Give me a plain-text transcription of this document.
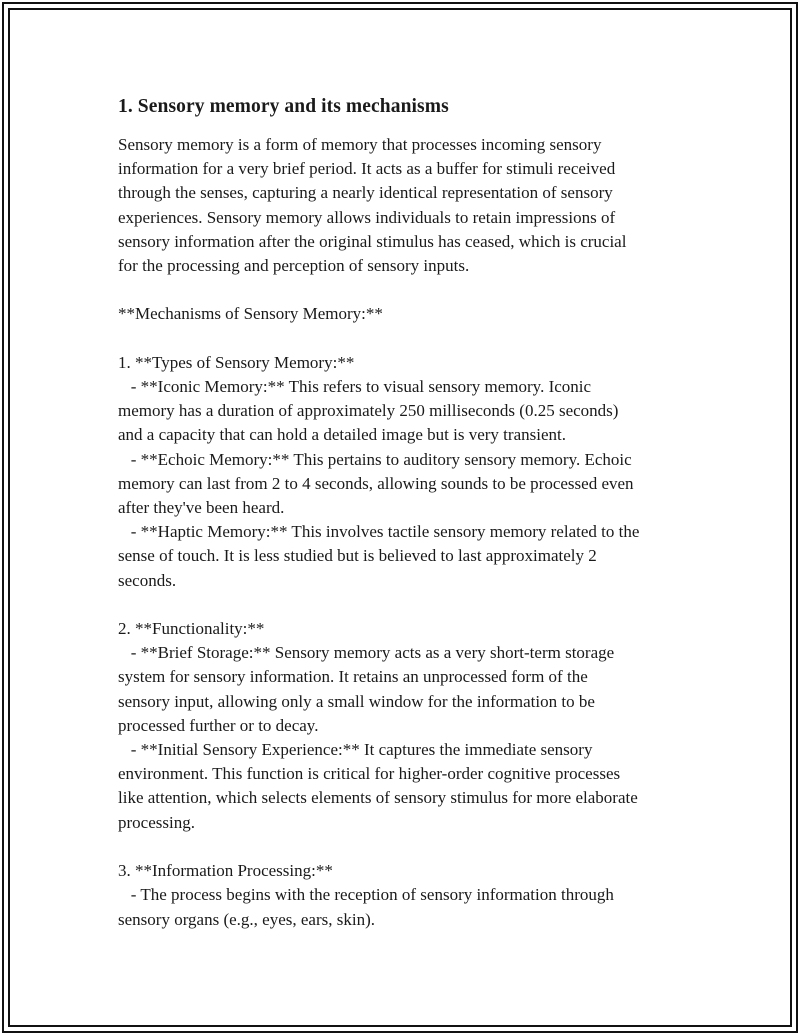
1. Sensory memory and its mechanisms

Sensory memory is a form of memory that processes incoming sensory
information for a very brief period. It acts as a buffer for stimuli received
through the senses, capturing a nearly identical representation of sensory
experiences. Sensory memory allows individuals to retain impressions of
sensory information after the original stimulus has ceased, which is crucial
for the processing and perception of sensory inputs.

**Mechanisms of Sensory Memory:**

1. **Types of Sensory Memory:**
- **Iconic Memory:** This refers to visual sensory memory. Iconic
memory has a duration of approximately 250 milliseconds (0.25 seconds)
and a capacity that can hold a detailed image but is very transient.
- **Echoic Memory:** This pertains to auditory sensory memory. Echoic
memory can last from 2 to 4 seconds, allowing sounds to be processed even
after they've been heard.
- **Haptic Memory:** This involves tactile sensory memory related to the
sense of touch. It is less studied but is believed to last approximately 2
seconds.

2. **Functionality:**
- **Brief Storage:** Sensory memory acts as a very short-term storage
system for sensory information. It retains an unprocessed form of the
sensory input, allowing only a small window for the information to be
processed further or to decay.
- **Initial Sensory Experience:** It captures the immediate sensory
environment. This function is critical for higher-order cognitive processes
like attention, which selects elements of sensory stimulus for more elaborate
processing.

3. **Information Processing:**
- The process begins with the reception of sensory information through
sensory organs (e.g., eyes, ears, skin).
